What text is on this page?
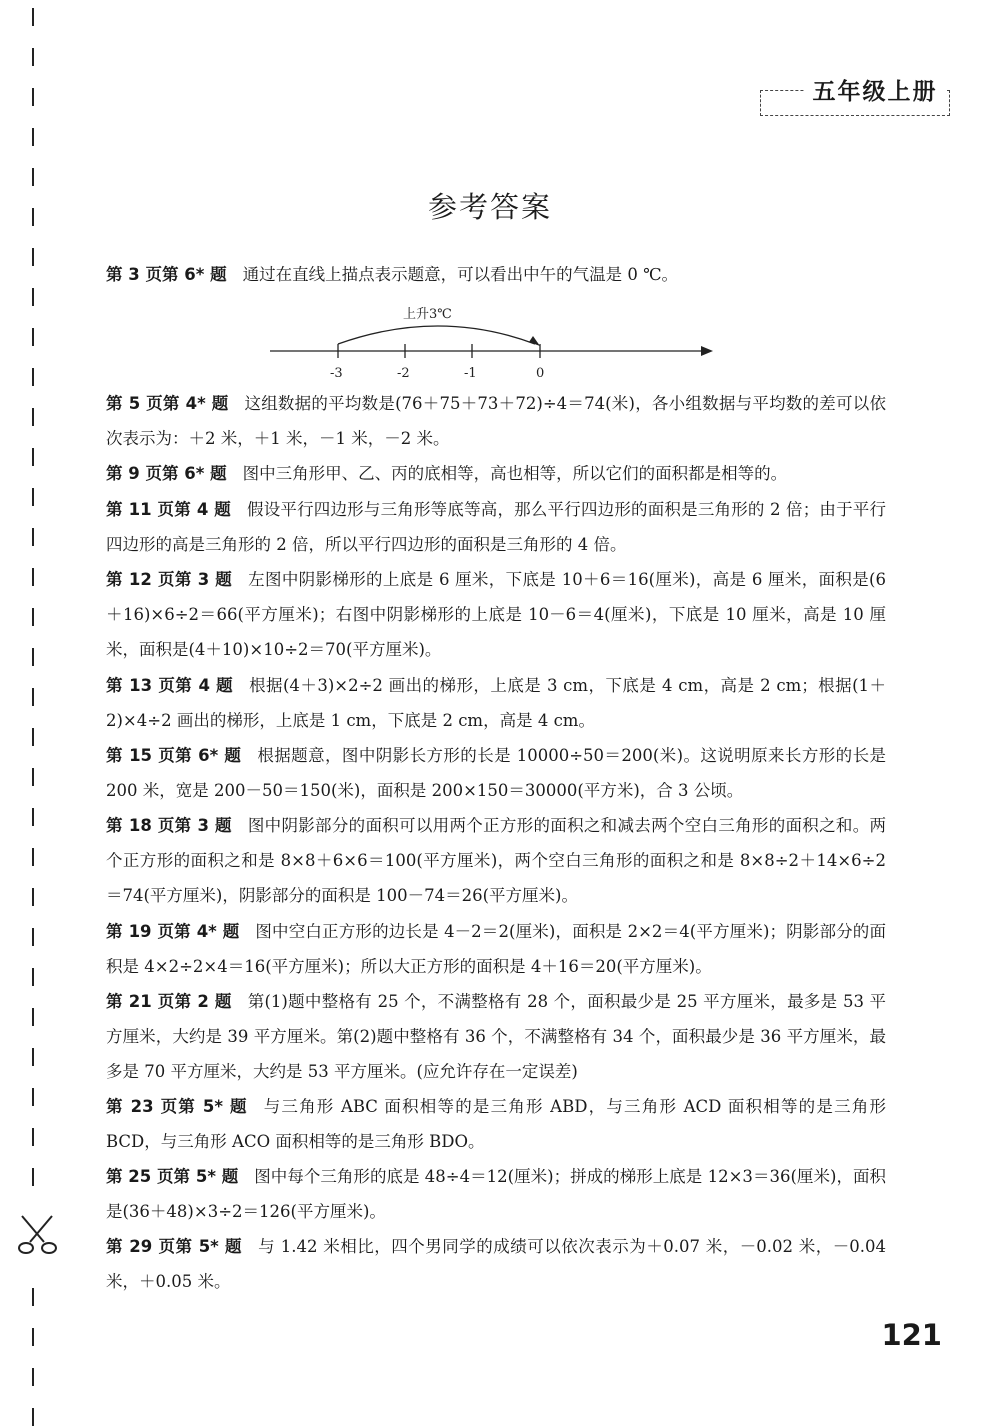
五年级上册
参考答案
第 3 页第 6* 题 通过在直线上描点表示题意，可以看出中午的气温是 0 ℃。
上升3℃
-3	-2	-1	0
第 5 页第 4* 题 这组数据的平均数是(76＋75＋73＋72)÷4＝74(米)，各小组数据与平均数的差可以依次表示为：＋2 米，＋1 米，－1 米，－2 米。
第 9 页第 6* 题 图中三角形甲、乙、丙的底相等，高也相等，所以它们的面积都是相等的。
第 11 页第 4 题 假设平行四边形与三角形等底等高，那么平行四边形的面积是三角形的 2 倍；由于平行四边形的高是三角形的 2 倍，所以平行四边形的面积是三角形的 4 倍。
第 12 页第 3 题 左图中阴影梯形的上底是 6 厘米，下底是 10＋6＝16(厘米)，高是 6 厘米，面积是(6＋16)×6÷2＝66(平方厘米)；右图中阴影梯形的上底是 10－6＝4(厘米)，下底是 10 厘米，高是 10 厘米，面积是(4＋10)×10÷2＝70(平方厘米)。
第 13 页第 4 题 根据(4＋3)×2÷2 画出的梯形，上底是 3 cm，下底是 4 cm，高是 2 cm；根据(1＋2)×4÷2 画出的梯形，上底是 1 cm，下底是 2 cm，高是 4 cm。
第 15 页第 6* 题 根据题意，图中阴影长方形的长是 10000÷50＝200(米)。这说明原来长方形的长是 200 米，宽是 200－50＝150(米)，面积是 200×150＝30000(平方米)，合 3 公顷。
第 18 页第 3 题 图中阴影部分的面积可以用两个正方形的面积之和减去两个空白三角形的面积之和。两个正方形的面积之和是 8×8＋6×6＝100(平方厘米)，两个空白三角形的面积之和是 8×8÷2＋14×6÷2＝74(平方厘米)，阴影部分的面积是 100－74＝26(平方厘米)。
第 19 页第 4* 题 图中空白正方形的边长是 4－2＝2(厘米)，面积是 2×2＝4(平方厘米)；阴影部分的面积是 4×2÷2×4＝16(平方厘米)；所以大正方形的面积是 4＋16＝20(平方厘米)。
第 21 页第 2 题 第(1)题中整格有 25 个，不满整格有 28 个，面积最少是 25 平方厘米，最多是 53 平方厘米，大约是 39 平方厘米。第(2)题中整格有 36 个，不满整格有 34 个，面积最少是 36 平方厘米，最多是 70 平方厘米，大约是 53 平方厘米。(应允许存在一定误差)
第 23 页第 5* 题 与三角形 ABC 面积相等的是三角形 ABD，与三角形 ACD 面积相等的是三角形 BCD，与三角形 ACO 面积相等的是三角形 BDO。
第 25 页第 5* 题 图中每个三角形的底是 48÷4＝12(厘米)；拼成的梯形上底是 12×3＝36(厘米)，面积是(36＋48)×3÷2＝126(平方厘米)。
第 29 页第 5* 题 与 1.42 米相比，四个男同学的成绩可以依次表示为＋0.07 米，－0.02 米，－0.04 米，＋0.05 米。
121
